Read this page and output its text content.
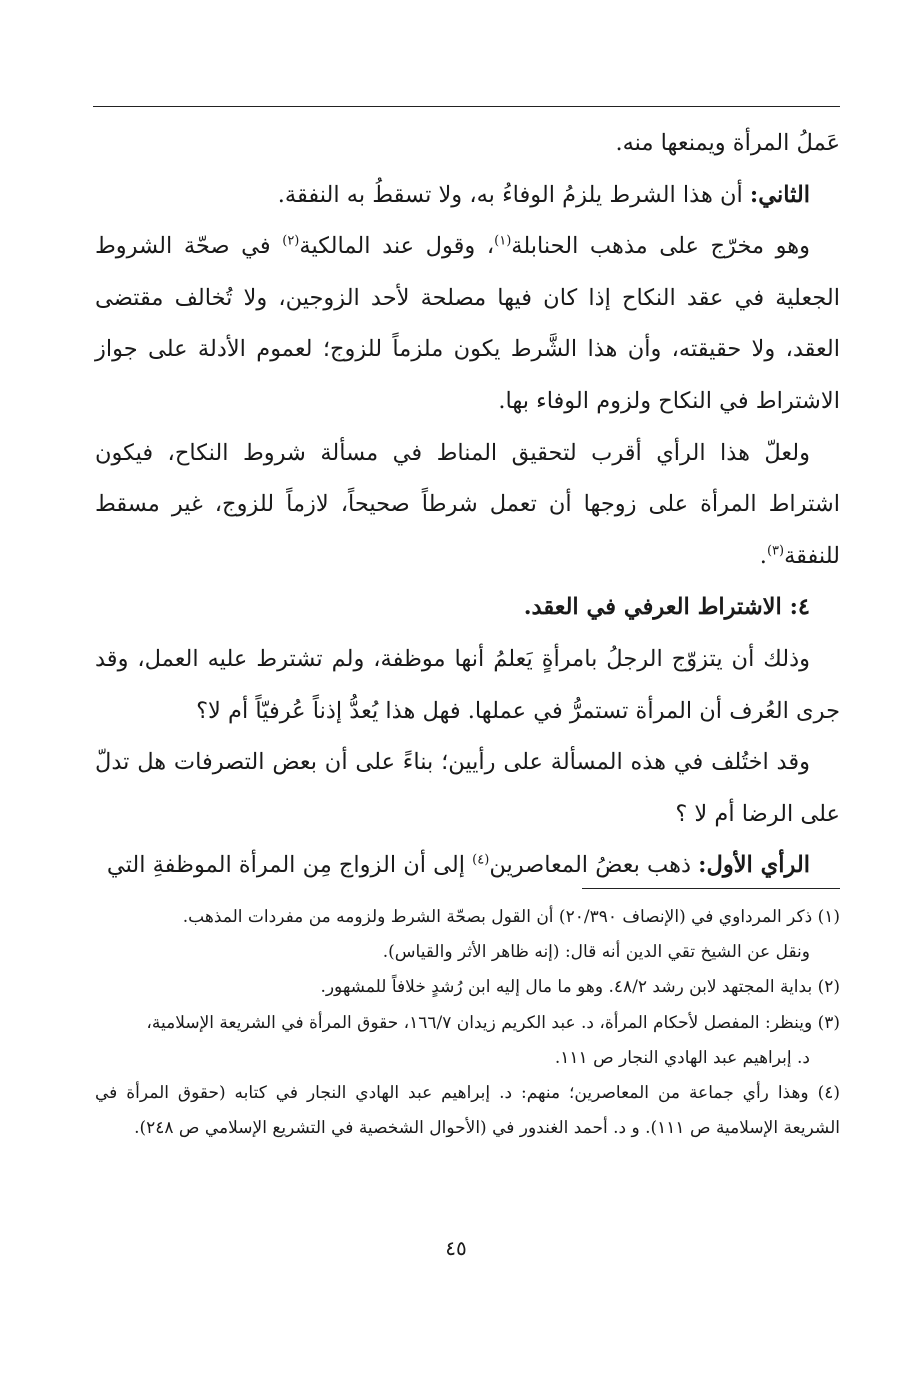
عَملُ المرأة ويمنعها منه.

الثاني: أن هذا الشرط يلزمُ الوفاءُ به، ولا تسقطُ به النفقة.

وهو مخرّج على مذهب الحنابلة$^{(١)}$، وقول عند المالكية$^{(٢)}$ في صحّة الشروط الجعلية في عقد النكاح إذا كان فيها مصلحة لأحد الزوجين، ولا تُخالف مقتضى العقد، ولا حقيقته، وأن هذا الشَّرط يكون ملزماً للزوج؛ لعموم الأدلة على جواز الاشتراط في النكاح ولزوم الوفاء بها.

ولعلّ هذا الرأي أقرب لتحقيق المناط في مسألة شروط النكاح، فيكون اشتراط المرأة على زوجها أن تعمل شرطاً صحيحاً، لازماً للزوج، غير مسقط للنفقة$^{(٣)}$.

٤: الاشتراط العرفي في العقد.

وذلك أن يتزوّج الرجلُ بامرأةٍ يَعلمُ أنها موظفة، ولم تشترط عليه العمل، وقد جرى العُرف أن المرأة تستمرُّ في عملها. فهل هذا يُعدُّ إذناً عُرفيّاً أم لا؟

وقد اختُلف في هذه المسألة على رأيين؛ بناءً على أن بعض التصرفات هل تدلّ على الرضا أم لا ؟

الرأي الأول: ذهب بعضُ المعاصرين$^{(٤)}$ إلى أن الزواج مِن المرأة الموظفةِ التي

(١) ذكر المرداوي في (الإنصاف ٢٠/٣٩٠) أن القول بصحّة الشرط ولزومه من مفردات المذهب.

ونقل عن الشيخ تقي الدين أنه قال: (إنه ظاهر الأثر والقياس).

(٢) بداية المجتهد لابن رشد ٤٨/٢. وهو ما مال إليه ابن رُشدٍ خلافاً للمشهور.

(٣) وينظر: المفصل لأحكام المرأة، د. عبد الكريم زيدان ١٦٦/٧، حقوق المرأة في الشريعة الإسلامية،

د. إبراهيم عبد الهادي النجار ص ١١١.

(٤) وهذا رأي جماعة من المعاصرين؛ منهم: د. إبراهيم عبد الهادي النجار في كتابه (حقوق المرأة في الشريعة الإسلامية ص ١١١). و د. أحمد الغندور في (الأحوال الشخصية في التشريع الإسلامي ص ٢٤٨).

٤٥
